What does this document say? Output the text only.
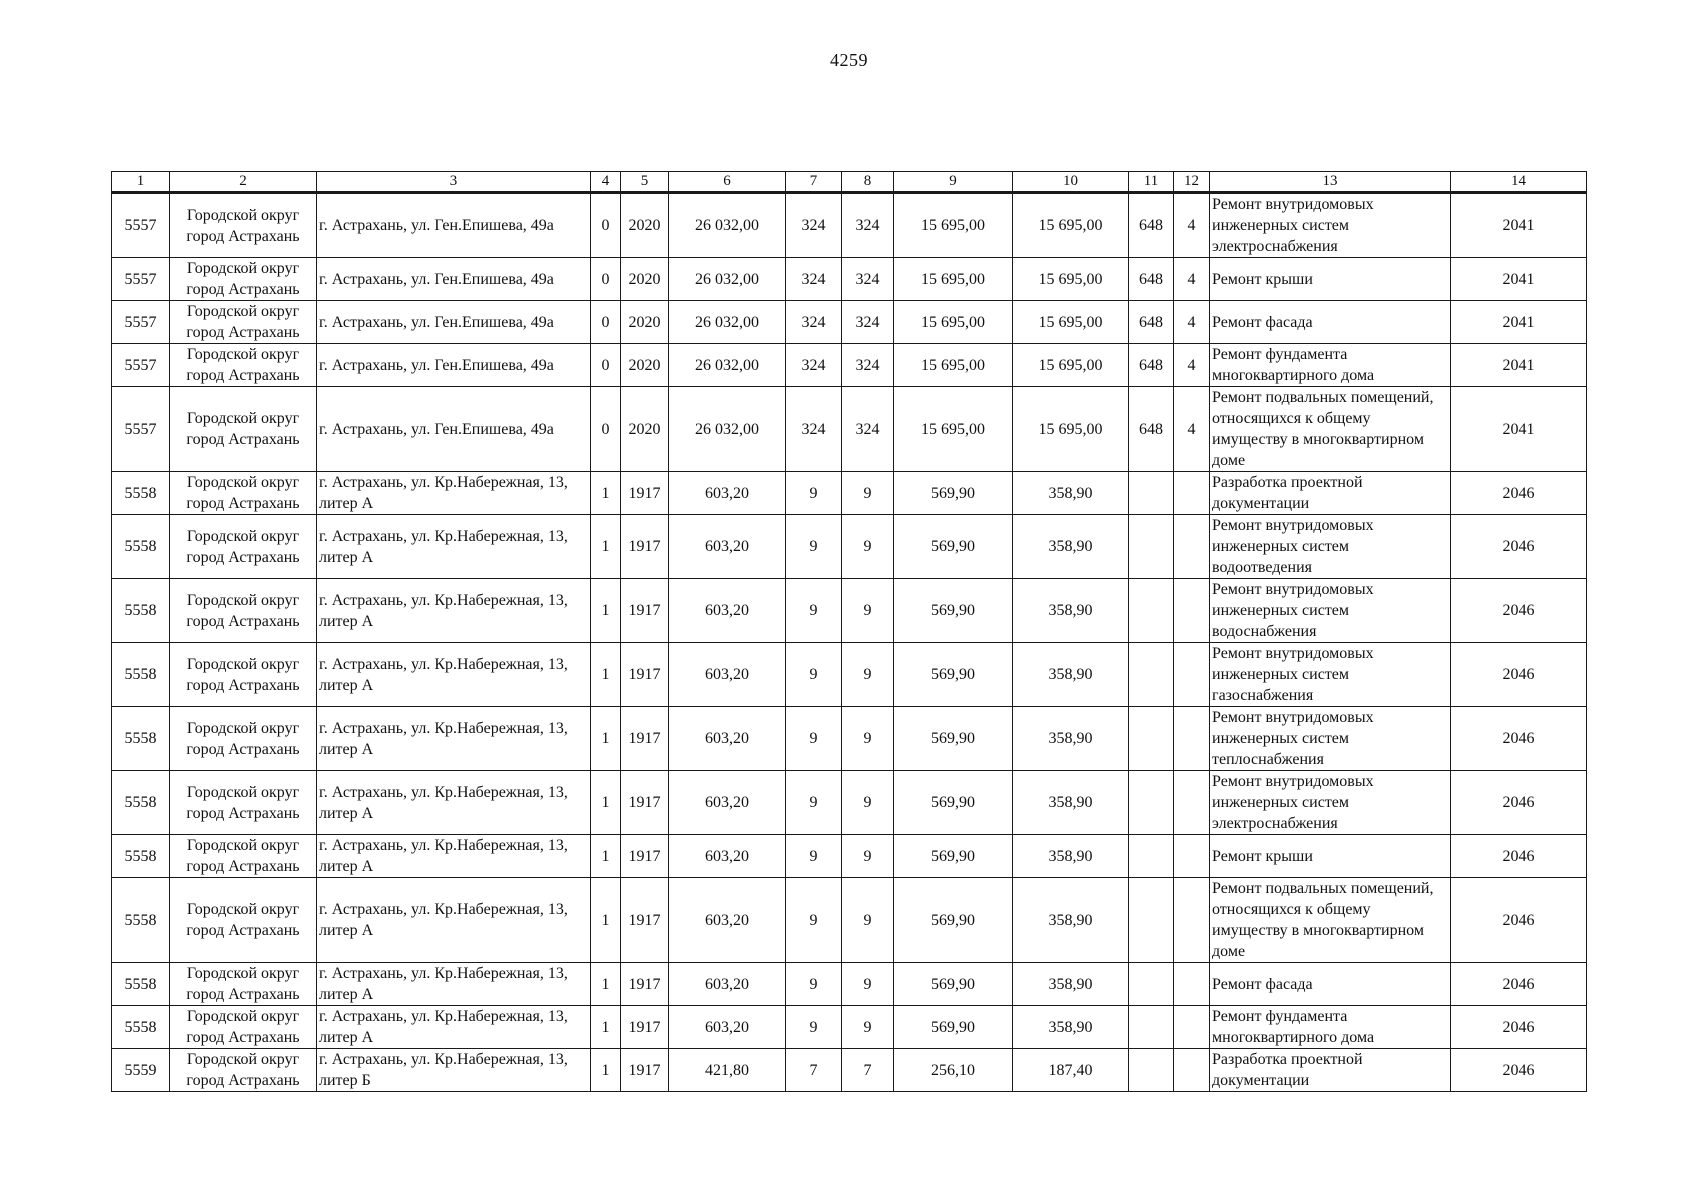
4259
1	2	3	4	5	6	7	8	9	10	11	12	13	14
5557	Городской округ город Астрахань	г. Астрахань, ул. Ген.Епишева, 49а	0	2020	26 032,00	324	324	15 695,00	15 695,00	648	4	Ремонт внутридомовых инженерных систем электроснабжения	2041
5557	Городской округ город Астрахань	г. Астрахань, ул. Ген.Епишева, 49а	0	2020	26 032,00	324	324	15 695,00	15 695,00	648	4	Ремонт крыши	2041
5557	Городской округ город Астрахань	г. Астрахань, ул. Ген.Епишева, 49а	0	2020	26 032,00	324	324	15 695,00	15 695,00	648	4	Ремонт фасада	2041
5557	Городской округ город Астрахань	г. Астрахань, ул. Ген.Епишева, 49а	0	2020	26 032,00	324	324	15 695,00	15 695,00	648	4	Ремонт фундамента многоквартирного дома	2041
5557	Городской округ город Астрахань	г. Астрахань, ул. Ген.Епишева, 49а	0	2020	26 032,00	324	324	15 695,00	15 695,00	648	4	Ремонт подвальных помещений, относящихся к общему имуществу в многоквартирном доме	2041
5558	Городской округ город Астрахань	г. Астрахань, ул. Кр.Набережная, 13, литер А	1	1917	603,20	9	9	569,90	358,90			Разработка проектной документации	2046
5558	Городской округ город Астрахань	г. Астрахань, ул. Кр.Набережная, 13, литер А	1	1917	603,20	9	9	569,90	358,90			Ремонт внутридомовых инженерных систем водоотведения	2046
5558	Городской округ город Астрахань	г. Астрахань, ул. Кр.Набережная, 13, литер А	1	1917	603,20	9	9	569,90	358,90			Ремонт внутридомовых инженерных систем водоснабжения	2046
5558	Городской округ город Астрахань	г. Астрахань, ул. Кр.Набережная, 13, литер А	1	1917	603,20	9	9	569,90	358,90			Ремонт внутридомовых инженерных систем газоснабжения	2046
5558	Городской округ город Астрахань	г. Астрахань, ул. Кр.Набережная, 13, литер А	1	1917	603,20	9	9	569,90	358,90			Ремонт внутридомовых инженерных систем теплоснабжения	2046
5558	Городской округ город Астрахань	г. Астрахань, ул. Кр.Набережная, 13, литер А	1	1917	603,20	9	9	569,90	358,90			Ремонт внутридомовых инженерных систем электроснабжения	2046
5558	Городской округ город Астрахань	г. Астрахань, ул. Кр.Набережная, 13, литер А	1	1917	603,20	9	9	569,90	358,90			Ремонт крыши	2046
5558	Городской округ город Астрахань	г. Астрахань, ул. Кр.Набережная, 13, литер А	1	1917	603,20	9	9	569,90	358,90			Ремонт подвальных помещений, относящихся к общему имуществу в многоквартирном доме	2046
5558	Городской округ город Астрахань	г. Астрахань, ул. Кр.Набережная, 13, литер А	1	1917	603,20	9	9	569,90	358,90			Ремонт фасада	2046
5558	Городской округ город Астрахань	г. Астрахань, ул. Кр.Набережная, 13, литер А	1	1917	603,20	9	9	569,90	358,90			Ремонт фундамента многоквартирного дома	2046
5559	Городской округ город Астрахань	г. Астрахань, ул. Кр.Набережная, 13, литер Б	1	1917	421,80	7	7	256,10	187,40			Разработка проектной документации	2046
